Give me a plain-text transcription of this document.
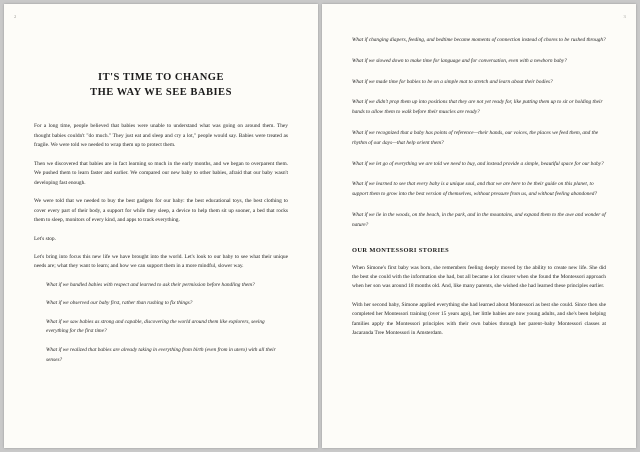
2
IT'S TIME TO CHANGE
THE WAY WE SEE BABIES

For a long time, people believed that babies were unable to understand what was going on around them. They thought babies couldn't "do much." They just eat and sleep and cry a lot," people would say. Babies were treated as fragile. We were told we needed to wrap them up to protect them.

Then we discovered that babies are in fact learning so much in the early months, and we began to overparent them. We pushed them to learn faster and earlier. We compared our new baby to other babies, afraid that our baby wasn't developing fast enough.

We were told that we needed to buy the best gadgets for our baby: the best educational toys, the best clothing to cover every part of their body, a support for while they sleep, a device to help them sit up sooner, a bed that rocks them to sleep, monitors of every kind, and apps to track everything.

Let's stop.

Let's bring into focus this new life we have brought into the world. Let's look to our baby to see what their unique needs are; what they want to learn; and how we can support them in a more mindful, slower way.

What if we handled babies with respect and learned to ask their permission before handling them?

What if we observed our baby first, rather than rushing to fix things?

What if we saw babies as strong and capable, discovering the world around them like explorers, seeing everything for the first time?

What if we realized that babies are already taking in everything from birth (even from in utero) with all their senses?

3

What if changing diapers, feeding, and bedtime became moments of connection instead of chores to be rushed through?

What if we slowed down to make time for language and for conversation, even with a newborn baby?

What if we made time for babies to be on a simple mat to stretch and learn about their bodies?

What if we didn't prop them up into positions that they are not yet ready for, like putting them up to sit or holding their hands to allow them to walk before their muscles are ready?

What if we recognized that a baby has points of reference—their hands, our voices, the places we feed them, and the rhythm of our days—that help orient them?

What if we let go of everything we are told we need to buy, and instead provide a simple, beautiful space for our baby?

What if we learned to see that every baby is a unique soul, and that we are here to be their guide on this planet, to support them to grow into the best version of themselves, without pressure from us, and without feeling abandoned?

What if we lie in the woods, on the beach, in the park, and in the mountains, and expand them to the awe and wonder of nature?

OUR MONTESSORI STORIES

When Simone's first baby was born, she remembers feeling deeply moved by the ability to create new life. She did the best she could with the information she had, but all became a lot clearer when she found the Montessori approach when her son was around 18 months old. And, like many parents, she wished she had learned these principles earlier.

With her second baby, Simone applied everything she had learned about Montessori as best she could. Since then she completed her Montessori training (over 15 years ago), her little babies are now young adults, and she's been helping families apply the Montessori principles with their own babies through her parent–baby Montessori classes at Jacaranda Tree Montessori in Amsterdam.
